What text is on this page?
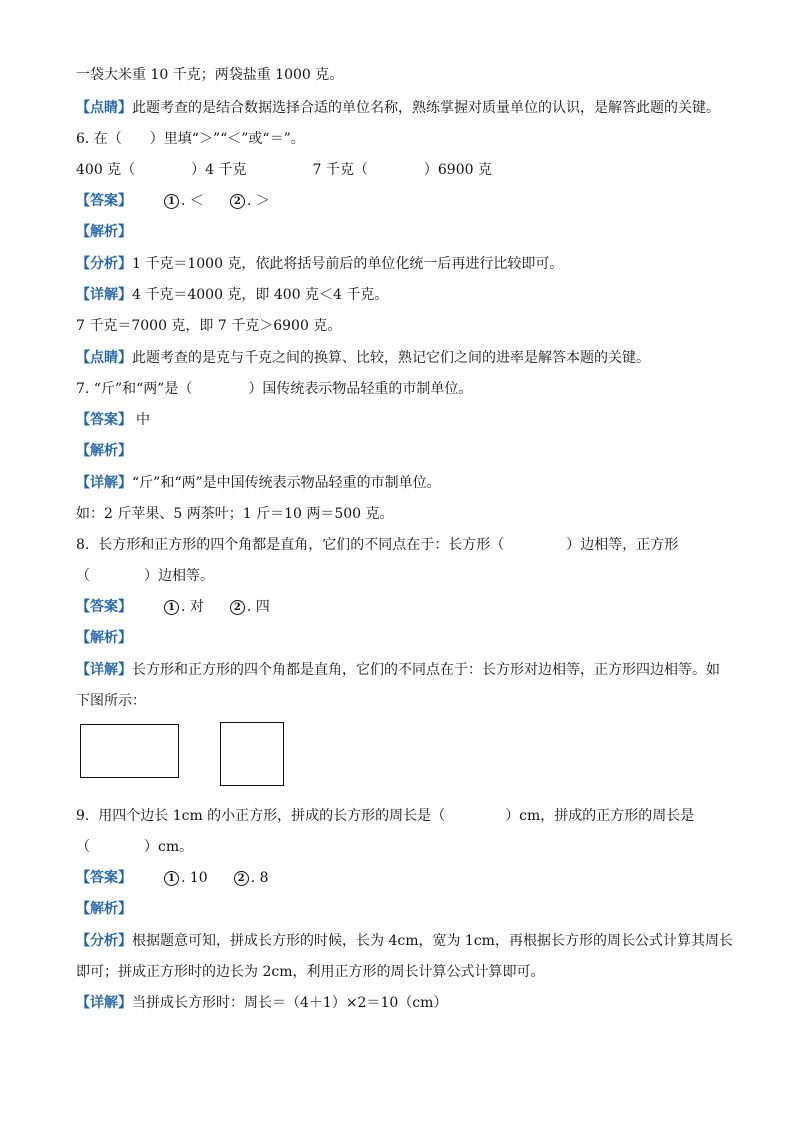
一袋大米重 10 千克；两袋盐重 1000 克。
【点睛】此题考查的是结合数据选择合适的单位名称，熟练掌握对质量单位的认识，是解答此题的关键。
6. 在（　　）里填“＞”“＜”或“＝”。
400 克（	）4 千克	7 千克（	）6900 克
【答案】	1 . ＜	2 . ＞
【解析】
【分析】1 千克＝1000 克，依此将括号前后的单位化统一后再进行比较即可。
【详解】4 千克＝4000 克，即 400 克＜4 千克。
7 千克＝7000 克，即 7 千克＞6900 克。
【点睛】此题考查的是克与千克之间的换算、比较，熟记它们之间的进率是解答本题的关键。
7. “斤”和“两”是（	）国传统表示物品轻重的市制单位。
【答案】 中
【解析】
【详解】“斤”和“两”是中国传统表示物品轻重的市制单位。
如：2 斤苹果、5 两茶叶；1 斤＝10 两＝500 克。
8.  长方形和正方形的四个角都是直角，它们的不同点在于：长方形（	）边相等，正方形
（	）边相等。
【答案】	1 . 对	2 . 四
【解析】
【详解】长方形和正方形的四个角都是直角，它们的不同点在于：长方形对边相等，正方形四边相等。如
下图所示：
9.  用四个边长 1cm 的小正方形，拼成的长方形的周长是（	）cm，拼成的正方形的周长是
（	）cm。
【答案】	1 . 10	2 . 8
【解析】
【分析】根据题意可知，拼成长方形的时候，长为 4cm，宽为 1cm，再根据长方形的周长公式计算其周长
即可；拼成正方形时的边长为 2cm，利用正方形的周长计算公式计算即可。
【详解】当拼成长方形时：周长＝（4＋1）×2＝10（cm）
